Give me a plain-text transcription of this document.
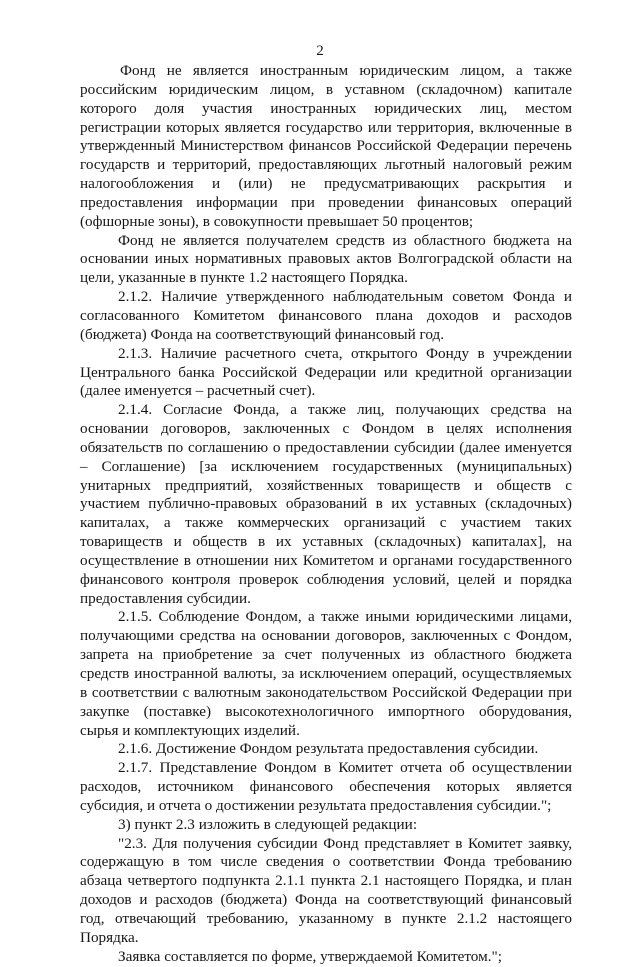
2

Фонд не является иностранным юридическим лицом, а также российским юридическим лицом, в уставном (складочном) капитале которого доля участия иностранных юридических лиц, местом регистрации которых является государство или территория, включенные в утвержденный Министерством финансов Российской Федерации перечень государств и территорий, предоставляющих льготный налоговый режим налогообложения и (или) не предусматривающих раскрытия и предоставления информации при проведении финансовых операций (офшорные зоны), в совокупности превышает 50 процентов;

Фонд не является получателем средств из областного бюджета на основании иных нормативных правовых актов Волгоградской области на цели, указанные в пункте 1.2 настоящего Порядка.

2.1.2. Наличие утвержденного наблюдательным советом Фонда и согласованного Комитетом финансового плана доходов и расходов (бюджета) Фонда на соответствующий финансовый год.

2.1.3. Наличие расчетного счета, открытого Фонду в учреждении Центрального банка Российской Федерации или кредитной организации (далее именуется – расчетный счет).

2.1.4. Согласие Фонда, а также лиц, получающих средства на основании договоров, заключенных с Фондом в целях исполнения обязательств по соглашению о предоставлении субсидии (далее именуется – Соглашение) [за исключением государственных (муниципальных) унитарных предприятий, хозяйственных товариществ и обществ с участием публично-правовых образований в их уставных (складочных) капиталах, а также коммерческих организаций с участием таких товариществ и обществ в их уставных (складочных) капиталах], на осуществление в отношении них Комитетом и органами государственного финансового контроля проверок соблюдения условий, целей и порядка предоставления субсидии.

2.1.5. Соблюдение Фондом, а также иными юридическими лицами, получающими средства на основании договоров, заключенных с Фондом, запрета на приобретение за счет полученных из областного бюджета средств иностранной валюты, за исключением операций, осуществляемых в соответствии с валютным законодательством Российской Федерации при закупке (поставке) высокотехнологичного импортного оборудования, сырья и комплектующих изделий.

2.1.6. Достижение Фондом результата предоставления субсидии.

2.1.7. Представление Фондом в Комитет отчета об осуществлении расходов, источником финансового обеспечения которых является субсидия, и отчета о достижении результата предоставления субсидии.";

3) пункт 2.3 изложить в следующей редакции:

"2.3. Для получения субсидии Фонд представляет в Комитет заявку, содержащую в том числе сведения о соответствии Фонда требованию абзаца четвертого подпункта 2.1.1 пункта 2.1 настоящего Порядка, и план доходов и расходов (бюджета) Фонда на соответствующий финансовый год, отвечающий требованию, указанному в пункте 2.1.2 настоящего Порядка.

Заявка составляется по форме, утверждаемой Комитетом.";
